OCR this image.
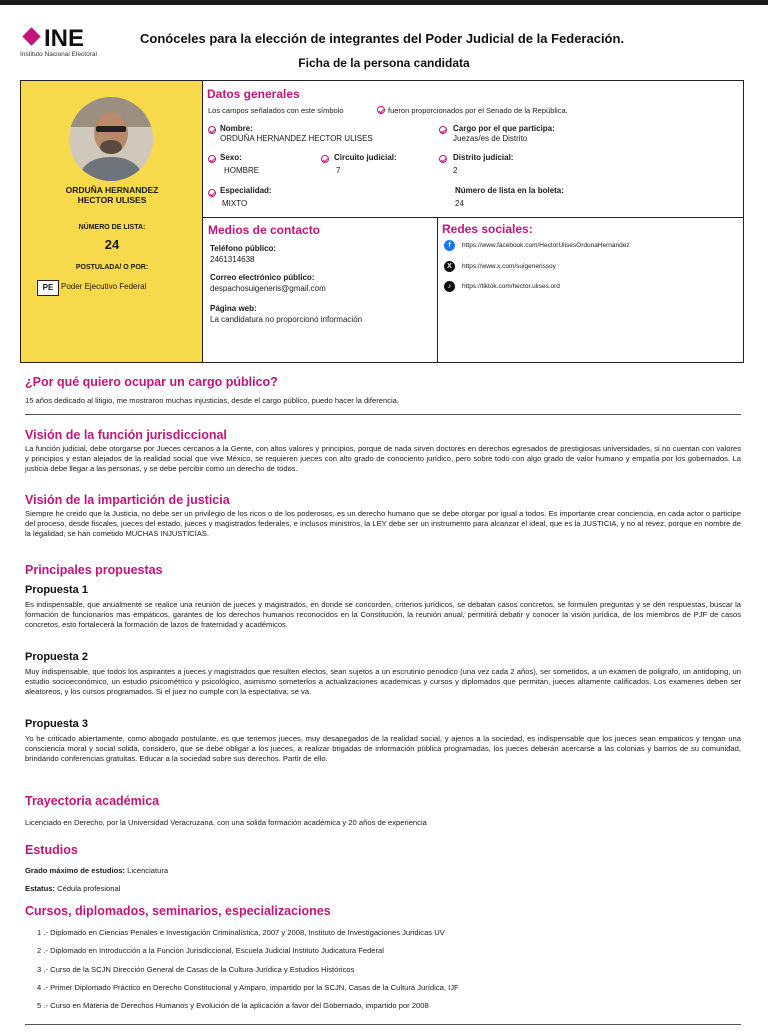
INE
Instituto Nacional Electoral
Conóceles para la elección de integrantes del Poder Judicial de la Federación.
Ficha de la persona candidata
ORDUÑA HERNANDEZ
HECTOR ULISES
NÚMERO DE LISTA:
24
POSTULADA/ O POR:
PE Poder Ejecutivo Federal
Datos generales
Los campos señalados con este símbolo	fueron proporcionados por el Senado de la República.
Nombre:
ORDUÑA HERNANDEZ HECTOR ULISES
Cargo por el que participa:
Juezas/es de Distrito
Sexo:
HOMBRE
Circuito judicial:
7
Distrito judicial:
2
Especialidad:
MIXTO
Número de lista en la boleta:
24
Medios de contacto
Teléfono público:
2461314638
Correo electrónico público:
despachosuigeneris@gmail.com
Página web:
La candidatura no proporcionó información
Redes sociales:
f	https://www.facebook.com/HectorUlisesOrdunaHernandez
X	https://www.x.com/suigenerissoy
♪	https://tiktok.com/hector.ulises.ord
¿Por qué quiero ocupar un cargo público?
15 años dedicado al litigio, me mostraron muchas injusticias, desde el cargo público, puedo hacer la diferencia.
Visión de la función jurisdiccional
La función judicial, debe otorgarse por Jueces cercanos a la Gente, con altos valores y principios, porque de nada sirven doctores en derechos egresados de prestigiosas universidades, si no cuentan con valores y principios y estan alejados de la realidad social que vive México, se requieren jueces con alto grado de conociento jurídico, pero sobre todo con algo grado de valor humano y empatía por los gobernados. La justicia debe llegar a las personas, y se debe percibir como un derecho de todos.
Visión de la impartición de justicia
Siempre he creido que la Justicia, no debe ser un privilegio de los ricos o de los poderosos, es un derecho humano que se debe otorgar por igual a todos. Es importante crear conciencia, en cada actor o participe del proceso, desde fiscales, jueces del estado, jueces y magistrados federales, e inclusos ministros, la LEY debe ser un instrumento para alcanzar el ideal, que es la JUSTICIA, y no al revez, porque en nombre de la legalidad, se han cometido MUCHAS INJUSTICIAS.
Principales propuestas
Propuesta 1
Es indispensable, que anualmente se realice una reunión de jueces y magistrados, en donde se concorden, criterios jurídicos, se debatan casos concretos, se formulen preguntas y se den respuestas, buscar la formación de funcionarios mas empáticos, garantes de los derechos humanos reconocidos en la Constitución, la reunión anual, permitirá debatir y conocer la visión jurídica, de los miembros de PJF de casos concretos, esto fortalecerá la formación de lazos de fraternidad y académicos.
Propuesta 2
Muy indispensable, que todos los aspirantes a jueces y magistrados que resulten electos, sean sujetos a un escrutinio periodico (una vez cada 2 años), ser sometidos, a un examen de poligrafo, un antidoping, un estudio socioeconómico, un estudio psicométrico y psicológico, asimismo someterlos a actualizaciones academicas y cursos y diplomados que permitan, jueces altamente calificados. Los examenes deben ser aleatoreos, y los cursos programados. Si el juez no cumple con la espectativa, se va.
Propuesta 3
Yo he criticado abiertamente, como abogado postulante, es que tenemos jueces, muy desapegados de la realidad social, y ajenos a la sociedad, es indispensable que los jueces sean empaticos y tengan una consciencia moral y social solida, considero, que se debe obligar a los jueces, a realizar brigadas de información pública programadas, los jueces deberán acercarse a las colonias y barrios de su comunidad, brindando conferencias gratuitas. Educar a la sociedad sobre sus derechos. Partir de ello.
Trayectoria académica
Licenciado en Derecho, por la Universidad Veracruzana, con una solida formación académica y 20 años de experiencia
Estudios
Grado máximo de estudios: Licenciatura
Estatus: Cédula profesional
Cursos, diplomados, seminarios, especializaciones
1 .- Diplomado en Ciencias Penales e Investigación Criminalística, 2007 y 2008, Instituto de Investigaciones Juridicas UV
2 .- Diplomado en Introducción a la Función Jurisdiccional, Escuela Judicial Instituto Judicatura Federal
3 .- Curso de la SCJN Dirección General de Casas de la Cultura Jurídica y Estudios Históricos
4 .- Primer Diplomado Práctico en Derecho Constitucional y Amparo, impartido por la SCJN, Casas de la Cultura Jurídica, IJF
5 .- Curso en Materia de Derechos Humanos y Evolución de la aplicación a favor del Gobernado, impartido por 2008
